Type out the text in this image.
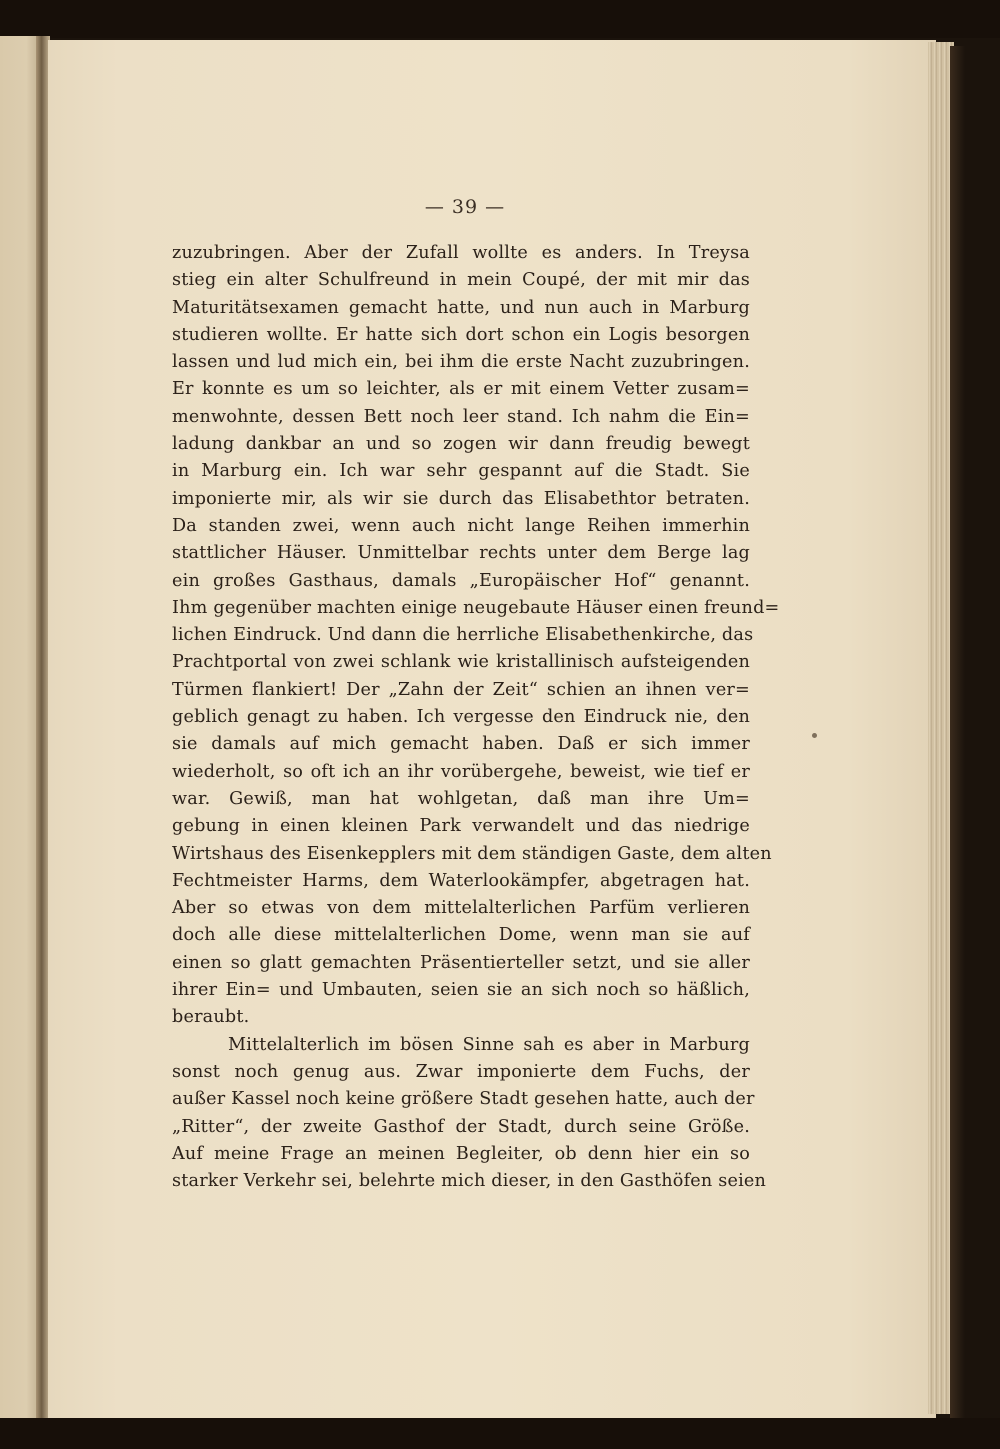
— 39 —
zuzubringen. Aber der Zufall wollte es anders. In Treysa
stieg ein alter Schulfreund in mein Coupé, der mit mir das
Maturitätsexamen gemacht hatte, und nun auch in Marburg
studieren wollte. Er hatte sich dort schon ein Logis besorgen
lassen und lud mich ein, bei ihm die erste Nacht zuzubringen.
Er konnte es um so leichter, als er mit einem Vetter zusam=
menwohnte, dessen Bett noch leer stand. Ich nahm die Ein=
ladung dankbar an und so zogen wir dann freudig bewegt
in Marburg ein. Ich war sehr gespannt auf die Stadt. Sie
imponierte mir, als wir sie durch das Elisabethtor betraten.
Da standen zwei, wenn auch nicht lange Reihen immerhin
stattlicher Häuser. Unmittelbar rechts unter dem Berge lag
ein großes Gasthaus, damals „Europäischer Hof“ genannt.
Ihm gegenüber machten einige neugebaute Häuser einen freund=
lichen Eindruck. Und dann die herrliche Elisabethenkirche, das
Prachtportal von zwei schlank wie kristallinisch aufsteigenden
Türmen flankiert! Der „Zahn der Zeit“ schien an ihnen ver=
geblich genagt zu haben. Ich vergesse den Eindruck nie, den
sie damals auf mich gemacht haben. Daß er sich immer
wiederholt, so oft ich an ihr vorübergehe, beweist, wie tief er
war. Gewiß, man hat wohlgetan, daß man ihre Um=
gebung in einen kleinen Park verwandelt und das niedrige
Wirtshaus des Eisenkepplers mit dem ständigen Gaste, dem alten
Fechtmeister Harms, dem Waterlookämpfer, abgetragen hat.
Aber so etwas von dem mittelalterlichen Parfüm verlieren
doch alle diese mittelalterlichen Dome, wenn man sie auf
einen so glatt gemachten Präsentierteller setzt, und sie aller
ihrer Ein= und Umbauten, seien sie an sich noch so häßlich,
beraubt.
Mittelalterlich im bösen Sinne sah es aber in Marburg
sonst noch genug aus. Zwar imponierte dem Fuchs, der
außer Kassel noch keine größere Stadt gesehen hatte, auch der
„Ritter“, der zweite Gasthof der Stadt, durch seine Größe.
Auf meine Frage an meinen Begleiter, ob denn hier ein so
starker Verkehr sei, belehrte mich dieser, in den Gasthöfen seien
